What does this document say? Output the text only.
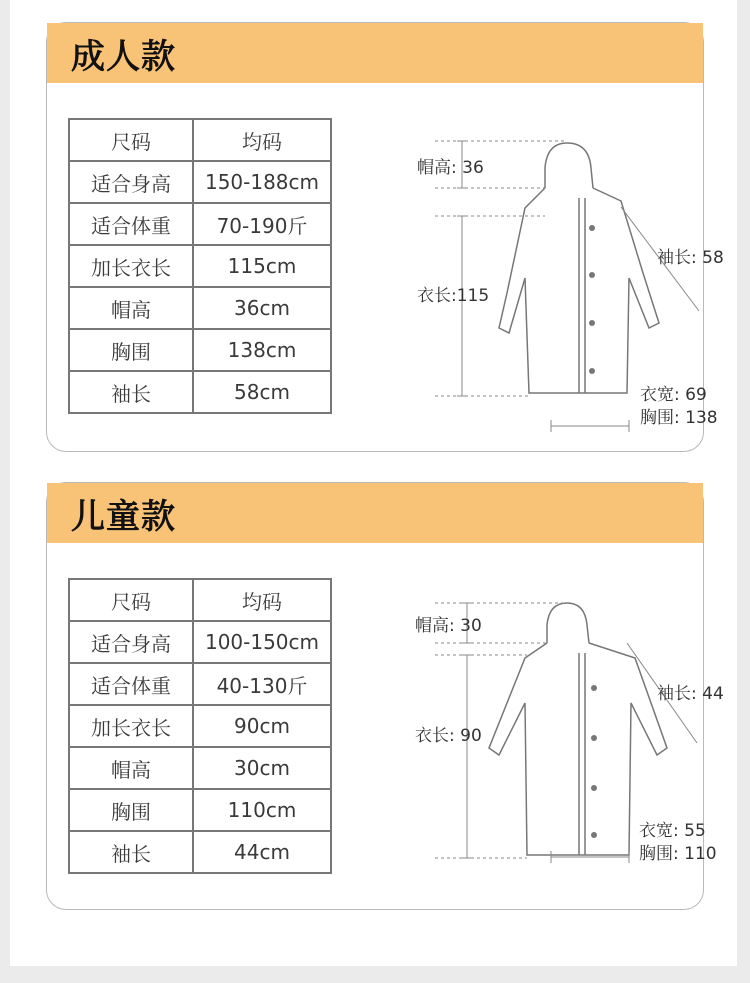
成人款
尺码	均码
适合身高	150-188cm
适合体重	70-190斤
加长衣长	115cm
帽高	36cm
胸围	138cm
袖长	58cm
帽高: 36
衣长:115
袖长: 58
衣宽: 69
胸围: 138
儿童款
尺码	均码
适合身高	100-150cm
适合体重	40-130斤
加长衣长	90cm
帽高	30cm
胸围	110cm
袖长	44cm
帽高: 30
衣长: 90
袖长: 44
衣宽: 55
胸围: 110
